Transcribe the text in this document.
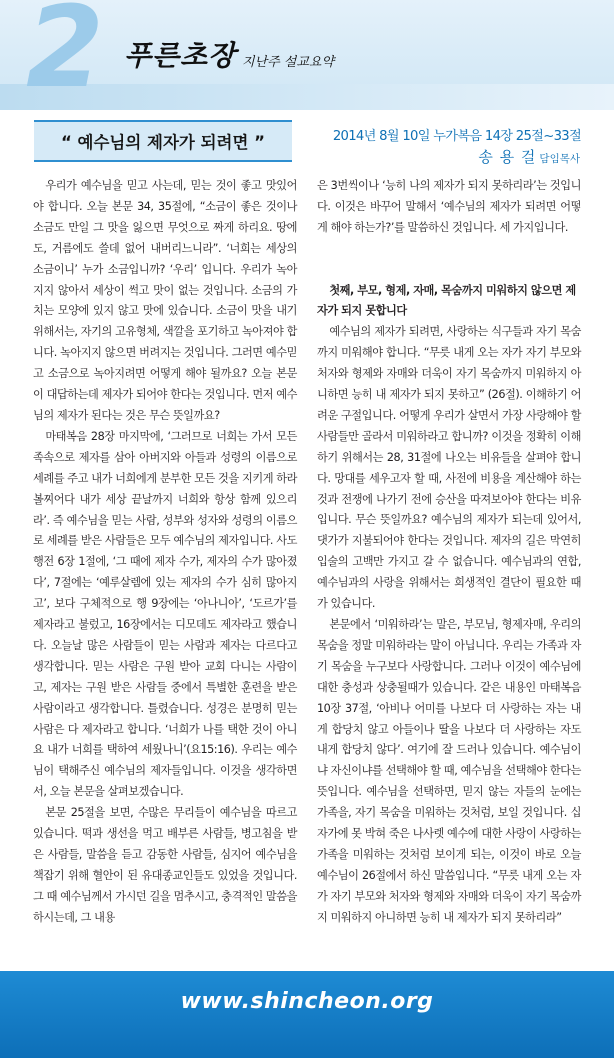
2 푸른초장 지난주 설교요약
“ 예수님의 제자가 되려면 ”	2014년 8월 10일 누가복음 14장 25절~33절
송 용 걸 담임목사

우리가 예수님을 믿고 사는데, 믿는 것이 좋고 맛있어야 합니다. 오늘 본문 34, 35절에, “소금이 좋은 것이나 소금도 만일 그 맛을 잃으면 무엇으로 짜게 하리요. 땅에도, 거름에도 쓸데 없어 내버리느니라”. ‘너희는 세상의 소금이니’ 누가 소금입니까? ‘우리’ 입니다. 우리가 녹아지지 않아서 세상이 썩고 맛이 없는 것입니다. 소금의 가치는 모양에 있지 않고 맛에 있습니다. 소금이 맛을 내기 위해서는, 자기의 고유형체, 색깔을 포기하고 녹아져야 합니다. 녹아지지 않으면 버려지는 것입니다. 그러면 예수믿고 소금으로 녹아지려면 어떻게 해야 될까요? 오늘 본문이 대답하는데 제자가 되어야 한다는 것입니다. 먼저 예수님의 제자가 된다는 것은 무슨 뜻일까요?

마태복음 28장 마지막에, ‘그러므로 너희는 가서 모든 족속으로 제자를 삼아 아버지와 아들과 성령의 이름으로 세례를 주고 내가 너희에게 분부한 모든 것을 지키게 하라 볼찌어다 내가 세상 끝날까지 너희와 항상 함께 있으리라’. 즉 예수님을 믿는 사람, 성부와 성자와 성령의 이름으로 세례를 받은 사람들은 모두 예수님의 제자입니다. 사도행전 6장 1절에, ‘그 때에 제자 수가, 제자의 수가 많아졌다’, 7절에는 ‘예루살렘에 있는 제자의 수가 심히 많아지고’, 보다 구체적으로 행 9장에는 ‘아나니아’, ‘도르가’를 제자라고 불렀고, 16장에서는 디모데도 제자라고 했습니다. 오늘날 많은 사람들이 믿는 사람과 제자는 다르다고 생각합니다. 믿는 사람은 구원 받아 교회 다니는 사람이고, 제자는 구원 받은 사람들 중에서 특별한 훈련을 받은 사람이라고 생각합니다. 틀렸습니다. 성경은 분명히 믿는 사람은 다 제자라고 합니다. ‘너희가 나를 택한 것이 아니요 내가 너희를 택하여 세웠나니’(요15:16). 우리는 예수님이 택해주신 예수님의 제자들입니다. 이것을 생각하면서, 오늘 본문을 살펴보겠습니다.

본문 25절을 보면, 수많은 무리들이 예수님을 따르고 있습니다. 떡과 생선을 먹고 배부른 사람들, 병고침을 받은 사람들, 말씀을 듣고 감동한 사람들, 심지어 예수님을 책잡기 위해 혈안이 된 유대종교인들도 있었을 것입니다. 그 때 예수님께서 가시던 길을 멈추시고, 충격적인 말씀을 하시는데, 그 내용

은 3번씩이나 ‘능히 나의 제자가 되지 못하리라’는 것입니다. 이것은 바꾸어 말해서 ‘예수님의 제자가 되려면 어떻게 해야 하는가?’를 말씀하신 것입니다. 세 가지입니다.

첫째, 부모, 형제, 자매, 목숨까지 미워하지 않으면 제자가 되지 못합니다

예수님의 제자가 되려면, 사랑하는 식구들과 자기 목숨까지 미워해야 합니다. “무릇 내게 오는 자가 자기 부모와 처자와 형제와 자매와 더욱이 자기 목숨까지 미워하지 아니하면 능히 내 제자가 되지 못하고” (26절). 이해하기 어려운 구절입니다. 어떻게 우리가 살면서 가장 사랑해야 할 사람들만 골라서 미워하라고 합니까? 이것을 정확히 이해하기 위해서는 28, 31절에 나오는 비유들을 살펴야 합니다. 망대를 세우고자 할 때, 사전에 비용을 계산해야 하는 것과 전쟁에 나가기 전에 승산을 따져보아야 한다는 비유입니다. 무슨 뜻일까요? 예수님의 제자가 되는데 있어서, 댓가가 지불되어야 한다는 것입니다. 제자의 길은 막연히 입술의 고백만 가지고 갈 수 없습니다. 예수님과의 연합, 예수님과의 사랑을 위해서는 희생적인 결단이 필요한 때가 있습니다.

본문에서 ‘미워하라’는 말은, 부모님, 형제자매, 우리의 목숨을 정말 미워하라는 말이 아닙니다. 우리는 가족과 자기 목숨을 누구보다 사랑합니다. 그러나 이것이 예수님에 대한 충성과 상충될때가 있습니다. 같은 내용인 마태복음 10장 37절, ‘아비나 어미를 나보다 더 사랑하는 자는 내게 합당치 않고 아들이나 딸을 나보다 더 사랑하는 자도 내게 합당치 않다’. 여기에 잘 드러나 있습니다. 예수님이냐 자신이냐를 선택해야 할 때, 예수님을 선택해야 한다는 뜻입니다. 예수님을 선택하면, 믿지 않는 자들의 눈에는 가족을, 자기 목숨을 미워하는 것처럼, 보일 것입니다. 십자가에 못 박혀 죽은 나사렛 예수에 대한 사랑이 사랑하는 가족을 미워하는 것처럼 보이게 되는, 이것이 바로 오늘 예수님이 26절에서 하신 말씀입니다. “무릇 내게 오는 자가 자기 부모와 처자와 형제와 자매와 더욱이 자기 목숨까지 미워하지 아니하면 능히 내 제자가 되지 못하리라”

www.shincheon.org
